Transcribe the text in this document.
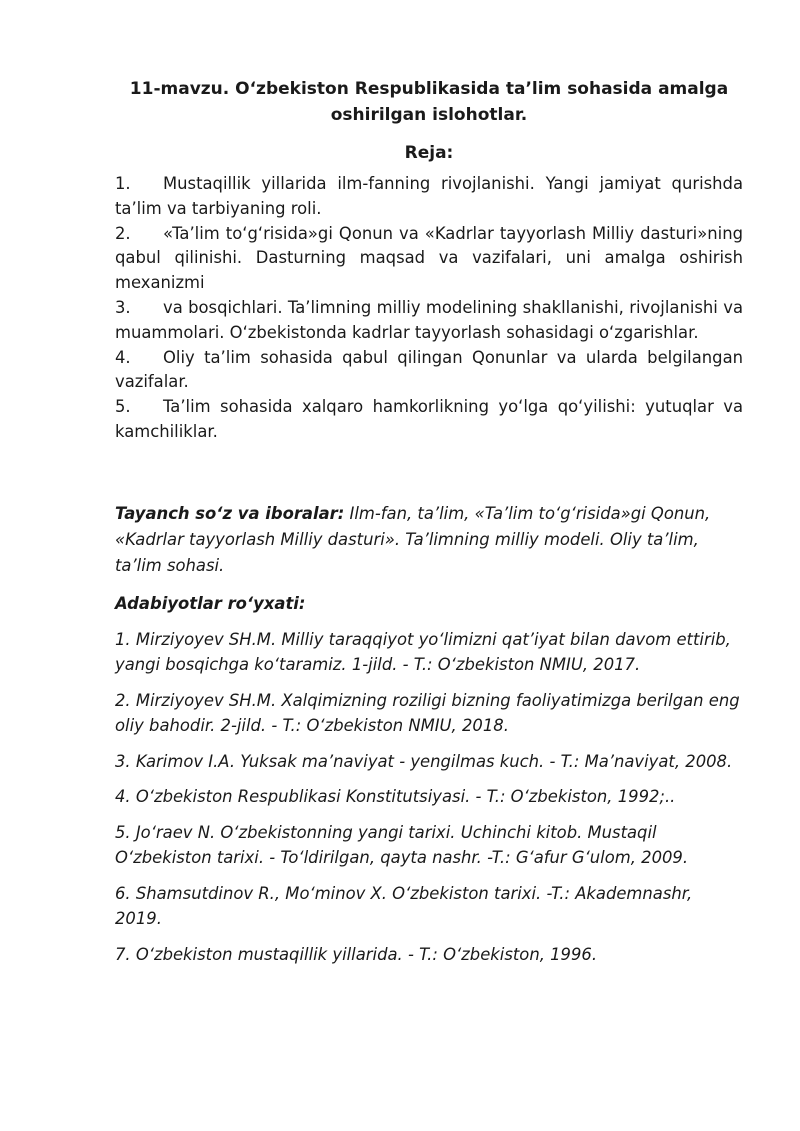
11-mavzu. O‘zbekiston Respublikasida ta’lim sohasida amalga oshirilgan islohotlar.
Reja:
1. Mustaqillik yillarida ilm-fanning rivojlanishi. Yangi jamiyat qurishda ta’lim va tarbiyaning roli.
2. «Ta’lim to‘g‘risida»gi Qonun va «Kadrlar tayyorlash Milliy dasturi»ning qabul qilinishi. Dasturning maqsad va vazifalari, uni amalga oshirish mexanizmi
3. va bosqichlari. Ta’limning milliy modelining shakllanishi, rivojlanishi va muammolari. O‘zbekistonda kadrlar tayyorlash sohasidagi o‘zgarishlar.
4. Oliy ta’lim sohasida qabul qilingan Qonunlar va ularda belgilangan vazifalar.
5. Ta’lim sohasida xalqaro hamkorlikning yo‘lga qo‘yilishi: yutuqlar va kamchiliklar.

Tayanch so‘z va iboralar: Ilm-fan, ta’lim, «Ta’lim to‘g‘risida»gi Qonun, «Kadrlar tayyorlash Milliy dasturi». Ta’limning milliy modeli. Oliy ta’lim, ta’lim sohasi.

Adabiyotlar ro‘yxati:

1. Mirziyoyev SH.M. Milliy taraqqiyot yo‘limizni qat’iyat bilan davom ettirib, yangi bosqichga ko‘taramiz. 1-jild. - T.: O‘zbekiston NMIU, 2017.
2. Mirziyoyev SH.M. Xalqimizning roziligi bizning faoliyatimizga berilgan eng oliy bahodir. 2-jild. - T.: O‘zbekiston NMIU, 2018.
3. Karimov I.A. Yuksak ma’naviyat - yengilmas kuch. - T.: Ma’naviyat, 2008.
4. O‘zbekiston Respublikasi Konstitutsiyasi. - T.: O‘zbekiston, 1992;..
5. Jo‘raev N. O‘zbekistonning yangi tarixi. Uchinchi kitob. Mustaqil O‘zbekiston tarixi. - To‘ldirilgan, qayta nashr. -T.: G‘afur G‘ulom, 2009.
6. Shamsutdinov R., Mo‘minov X. O‘zbekiston tarixi. -T.: Akademnashr, 2019.
7. O‘zbekiston mustaqillik yillarida. - T.: O‘zbekiston, 1996.
